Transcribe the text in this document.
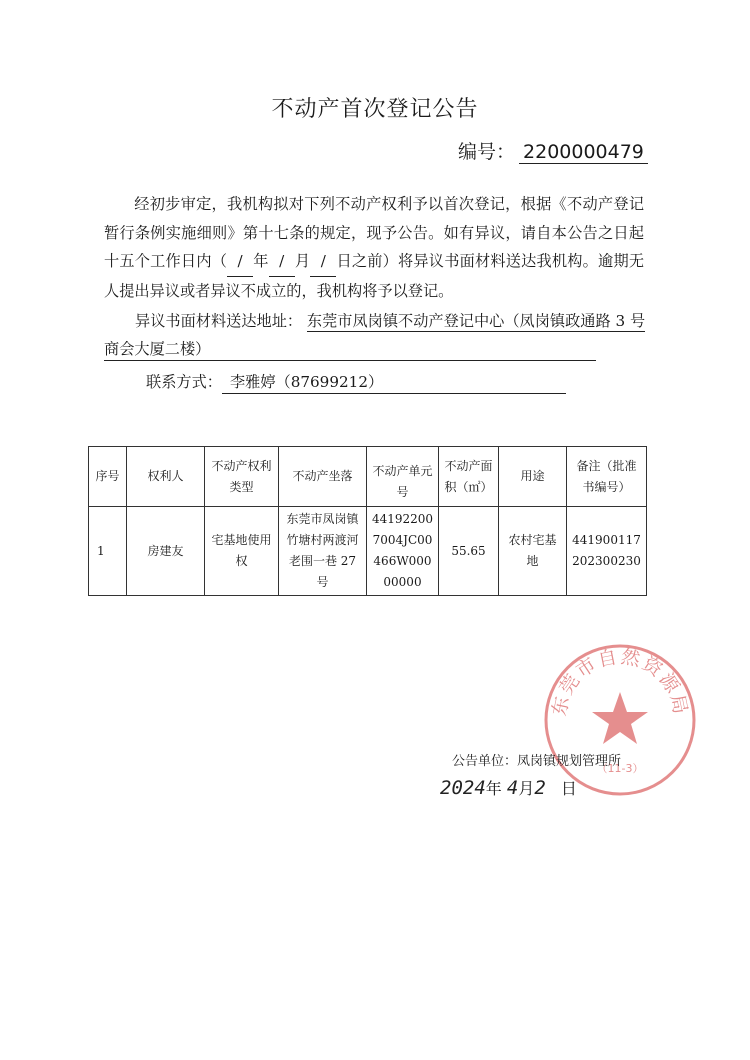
不动产首次登记公告
编号： 2200000479
经初步审定，我机构拟对下列不动产权利予以首次登记，根据《不动产登记暂行条例实施细则》第十七条的规定，现予公告。如有异议，请自本公告之日起十五个工作日内（ / 年 / 月 / 日之前）将异议书面材料送达我机构。逾期无人提出异议或者异议不成立的，我机构将予以登记。
异议书面材料送达地址： 东莞市凤岗镇不动产登记中心（凤岗镇政通路 3 号
商会大厦二楼）
联系方式： 李雅婷（87699212）
序号	权利人	不动产权利类型	不动产坐落	不动产单元号	不动产面积（㎡）	用途	备注（批准书编号）
1	房建友	宅基地使用权	东莞市凤岗镇竹塘村两渡河老围一巷 27 号	441922007004JC00466W00000000	55.65	农村宅基地	441900117202300230
东莞市自然资源局
（11-3）
公告单位：凤岗镇规划管理所
2024年 4月2 日
